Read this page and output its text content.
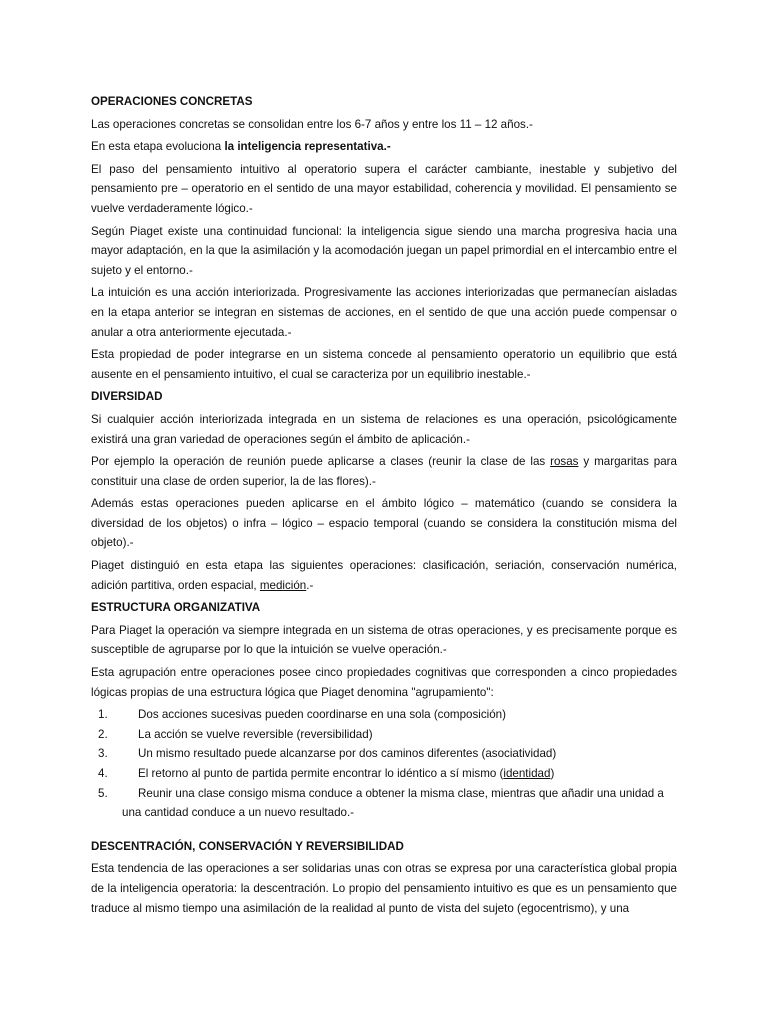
OPERACIONES CONCRETAS

Las operaciones concretas se consolidan entre los 6-7 años y entre los 11 – 12 años.-

En esta etapa evoluciona la inteligencia representativa.-

El paso del pensamiento intuitivo al operatorio supera el carácter cambiante, inestable y subjetivo del pensamiento pre – operatorio en el sentido de una mayor estabilidad, coherencia y movilidad. El pensamiento se vuelve verdaderamente lógico.-

Según Piaget existe una continuidad funcional: la inteligencia sigue siendo una marcha progresiva hacia una mayor adaptación, en la que la asimilación y la acomodación juegan un papel primordial en el intercambio entre el sujeto y el entorno.-

La intuición es una acción interiorizada. Progresivamente las acciones interiorizadas que permanecían aisladas en la etapa anterior se integran en sistemas de acciones, en el sentido de que una acción puede compensar o anular a otra anteriormente ejecutada.-

Esta propiedad de poder integrarse en un sistema concede al pensamiento operatorio un equilibrio que está ausente en el pensamiento intuitivo, el cual se caracteriza por un equilibrio inestable.-

DIVERSIDAD

Si cualquier acción interiorizada integrada en un sistema de relaciones es una operación, psicológicamente existirá una gran variedad de operaciones según el ámbito de aplicación.-

Por ejemplo la operación de reunión puede aplicarse a clases (reunir la clase de las rosas y margaritas para constituir una clase de orden superior, la de las flores).-

Además estas operaciones pueden aplicarse en el ámbito lógico – matemático (cuando se considera la diversidad de los objetos) o infra – lógico – espacio temporal (cuando se considera la constitución misma del objeto).-

Piaget distinguió en esta etapa las siguientes operaciones: clasificación, seriación, conservación numérica, adición partitiva, orden espacial, medición.-

ESTRUCTURA ORGANIZATIVA

Para Piaget la operación va siempre integrada en un sistema de otras operaciones, y es precisamente porque es susceptible de agruparse por lo que la intuición se vuelve operación.-

Esta agrupación entre operaciones posee cinco propiedades cognitivas que corresponden a cinco propiedades lógicas propias de una estructura lógica que Piaget denomina "agrupamiento":

1.	Dos acciones sucesivas pueden coordinarse en una sola (composición)
2.	La acción se vuelve reversible (reversibilidad)
3.	Un mismo resultado puede alcanzarse por dos caminos diferentes (asociatividad)
4.	El retorno al punto de partida permite encontrar lo idéntico a sí mismo (identidad)
5.	Reunir una clase consigo misma conduce a obtener la misma clase, mientras que añadir una unidad a
una cantidad conduce a un nuevo resultado.-
DESCENTRACIÓN, CONSERVACIÓN Y REVERSIBILIDAD

Esta tendencia de las operaciones a ser solidarias unas con otras se expresa por una característica global propia de la inteligencia operatoria: la descentración. Lo propio del pensamiento intuitivo es que es un pensamiento que traduce al mismo tiempo una asimilación de la realidad al punto de vista del sujeto (egocentrismo), y una
